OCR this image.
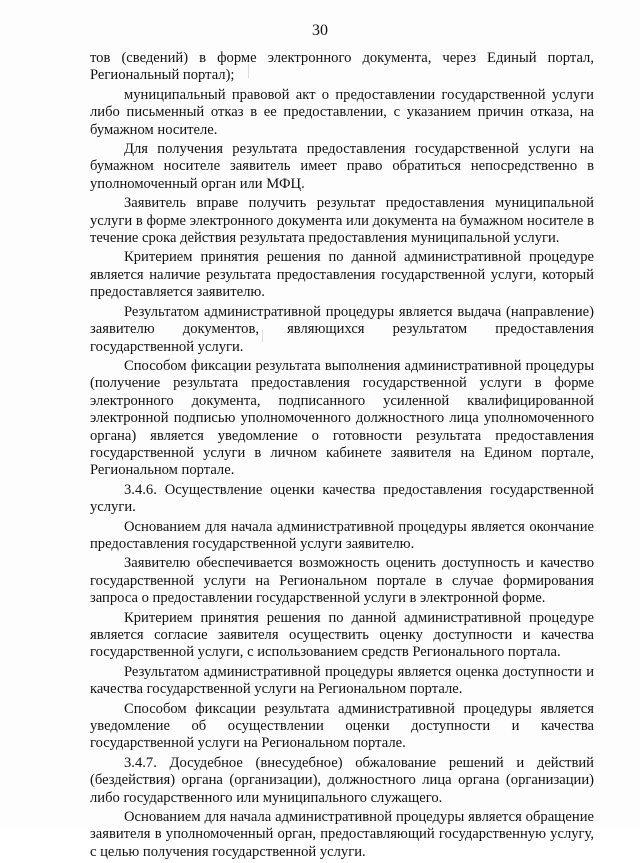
30

тов (сведений) в форме электронного документа, через Единый портал, Региональный портал);

муниципальный правовой акт о предоставлении государственной услуги либо письменный отказ в ее предоставлении, с указанием причин отказа, на бумажном носителе.

Для получения результата предоставления государственной услуги на бумажном носителе заявитель имеет право обратиться непосредственно в уполномоченный орган или МФЦ.

Заявитель вправе получить результат предоставления муниципальной услуги в форме электронного документа или документа на бумажном носителе в течение срока действия результата предоставления муниципальной услуги.

Критерием принятия решения по данной административной процедуре является наличие результата предоставления государственной услуги, который предоставляется заявителю.

Результатом административной процедуры является выдача (направление) заявителю документов, являющихся результатом предоставления государственной услуги.

Способом фиксации результата выполнения административной процедуры (получение результата предоставления государственной услуги в форме электронного документа, подписанного усиленной квалифицированной электронной подписью уполномоченного должностного лица уполномоченного органа) является уведомление о готовности результата предоставления государственной услуги в личном кабинете заявителя на Едином портале, Региональном портале.

3.4.6. Осуществление оценки качества предоставления государственной услуги.

Основанием для начала административной процедуры является окончание предоставления государственной услуги заявителю.

Заявителю обеспечивается возможность оценить доступность и качество государственной услуги на Региональном портале в случае формирования запроса о предоставлении государственной услуги в электронной форме.

Критерием принятия решения по данной административной процедуре является согласие заявителя осуществить оценку доступности и качества государственной услуги, с использованием средств Регионального портала.

Результатом административной процедуры является оценка доступности и качества государственной услуги на Региональном портале.

Способом фиксации результата административной процедуры является уведомление об осуществлении оценки доступности и качества государственной услуги на Региональном портале.

3.4.7. Досудебное (внесудебное) обжалование решений и действий (бездействия) органа (организации), должностного лица органа (организации) либо государственного или муниципального служащего.

Основанием для начала административной процедуры является обращение заявителя в уполномоченный орган, предоставляющий государственную услугу, с целью получения государственной услуги.
